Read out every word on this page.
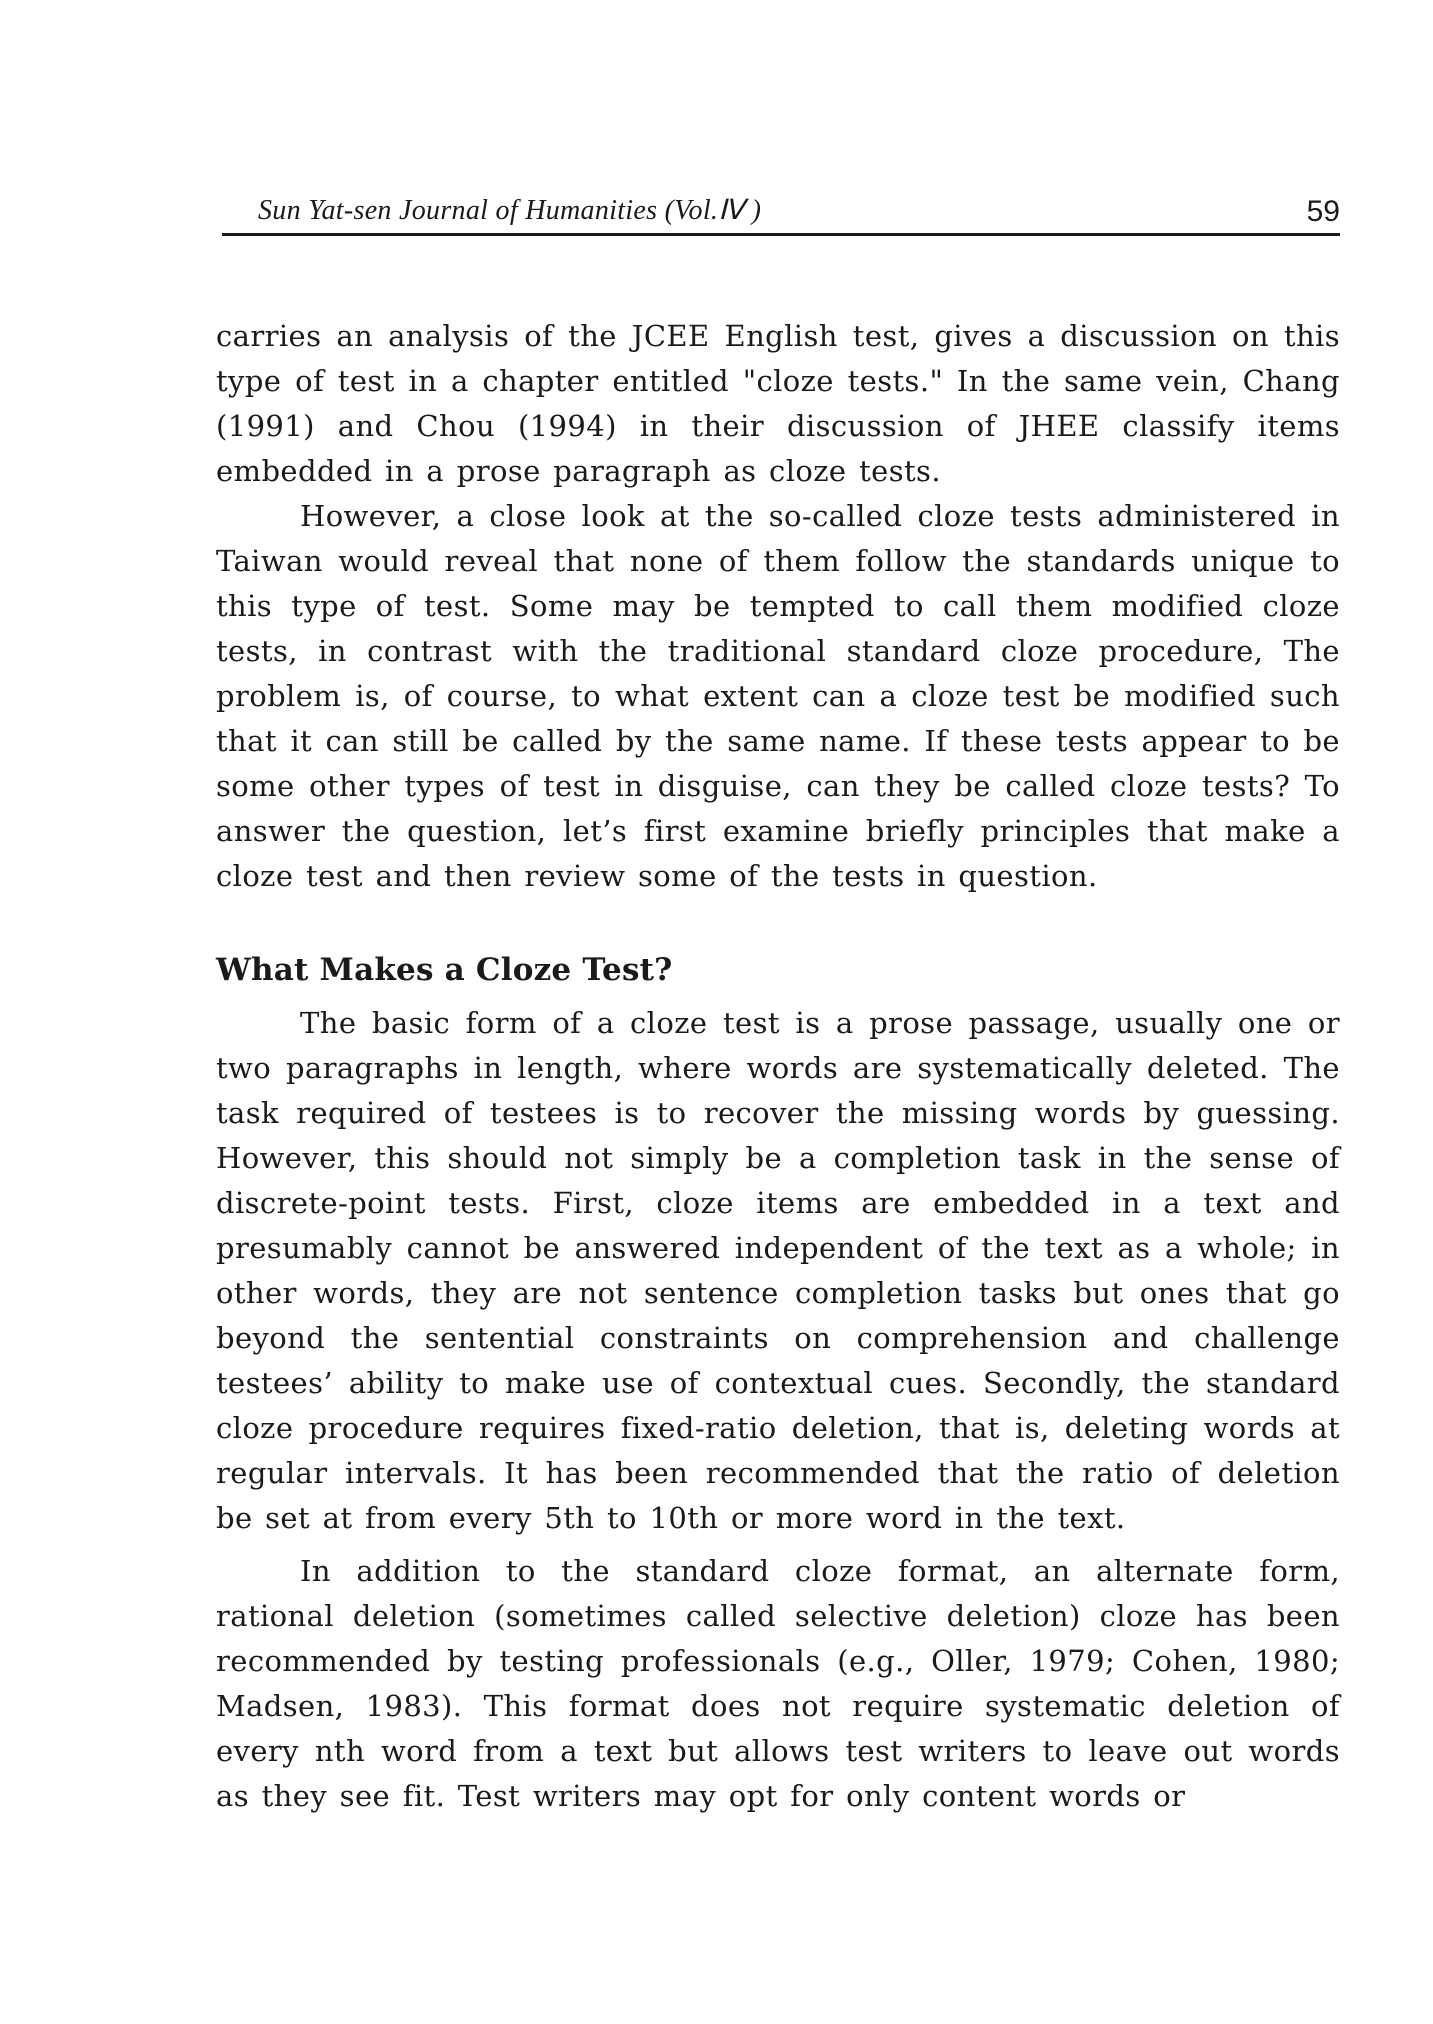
Sun Yat-sen Journal of Humanities (Vol.Ⅳ )	59

carries an analysis of the JCEE English test, gives a discussion on this type of test in a chapter entitled "cloze tests." In the same vein, Chang (1991) and Chou (1994) in their discussion of JHEE classify items embedded in a prose paragraph as cloze tests.

However, a close look at the so-called cloze tests administered in Taiwan would reveal that none of them follow the standards unique to this type of test. Some may be tempted to call them modified cloze tests, in contrast with the traditional standard cloze procedure, The problem is, of course, to what extent can a cloze test be modified such that it can still be called by the same name. If these tests appear to be some other types of test in disguise, can they be called cloze tests? To answer the question, let’s first examine briefly principles that make a cloze test and then review some of the tests in question.

What Makes a Cloze Test?

The basic form of a cloze test is a prose passage, usually one or two paragraphs in length, where words are systematically deleted. The task required of testees is to recover the missing words by guessing. However, this should not simply be a completion task in the sense of discrete-point tests. First, cloze items are embedded in a text and presumably cannot be answered independent of the text as a whole; in other words, they are not sentence completion tasks but ones that go beyond the sentential constraints on comprehension and challenge testees’ ability to make use of contextual cues. Secondly, the standard cloze procedure requires fixed-ratio deletion, that is, deleting words at regular intervals. It has been recommended that the ratio of deletion be set at from every 5th to 10th or more word in the text.

In addition to the standard cloze format, an alternate form, rational deletion (sometimes called selective deletion) cloze has been recommended by testing professionals (e.g., Oller, 1979; Cohen, 1980; Madsen, 1983). This format does not require systematic deletion of every nth word from a text but allows test writers to leave out words as they see fit. Test writers may opt for only content words or
